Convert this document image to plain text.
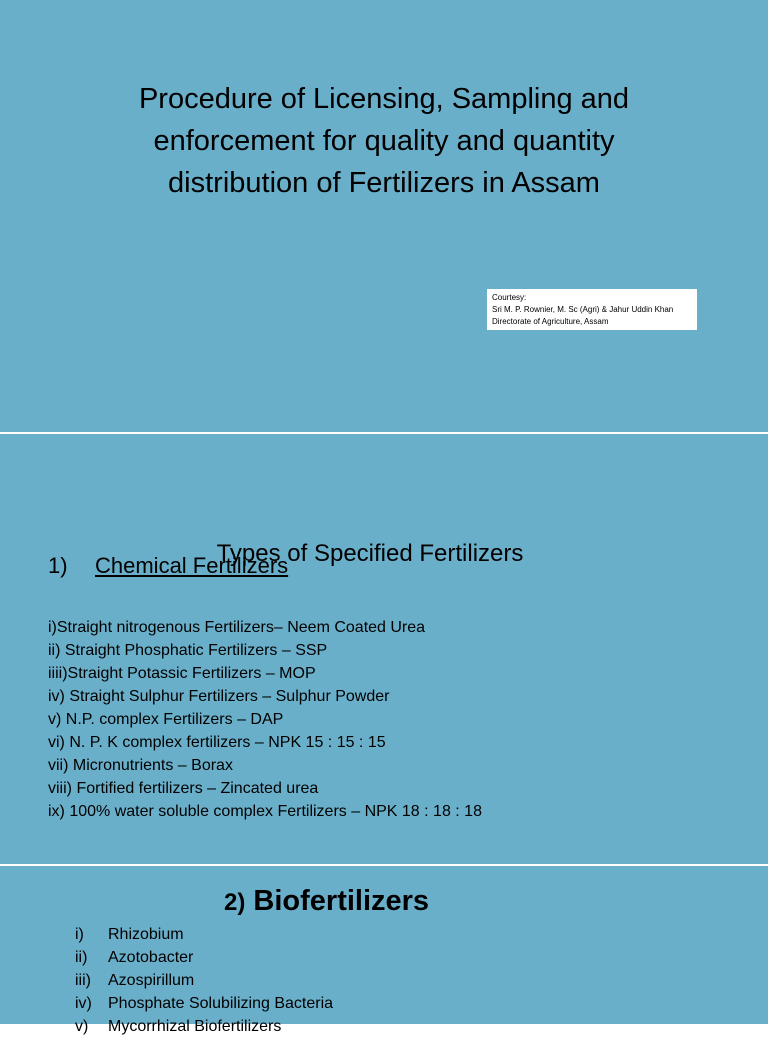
Procedure of Licensing, Sampling and
enforcement for quality and quantity
distribution of Fertilizers in Assam
Courtesy:
Sri M. P. Rownier, M. Sc (Agri) & Jahur Uddin Khan
Directorate of Agriculture, Assam
Types of Specified Fertilizers
1) Chemical Fertilizers
i)Straight nitrogenous Fertilizers– Neem Coated Urea
ii) Straight Phosphatic Fertilizers – SSP
iiii)Straight Potassic Fertilizers – MOP
iv) Straight Sulphur Fertilizers – Sulphur Powder
v) N.P. complex Fertilizers – DAP
vi) N. P. K complex fertilizers – NPK 15 : 15 : 15
vii) Micronutrients – Borax
viii) Fortified fertilizers – Zincated urea
ix) 100% water soluble complex Fertilizers – NPK 18 : 18 : 18
2) Biofertilizers
i) Rhizobium
ii) Azotobacter
iii) Azospirillum
iv) Phosphate Solubilizing Bacteria
v) Mycorrhizal Biofertilizers
